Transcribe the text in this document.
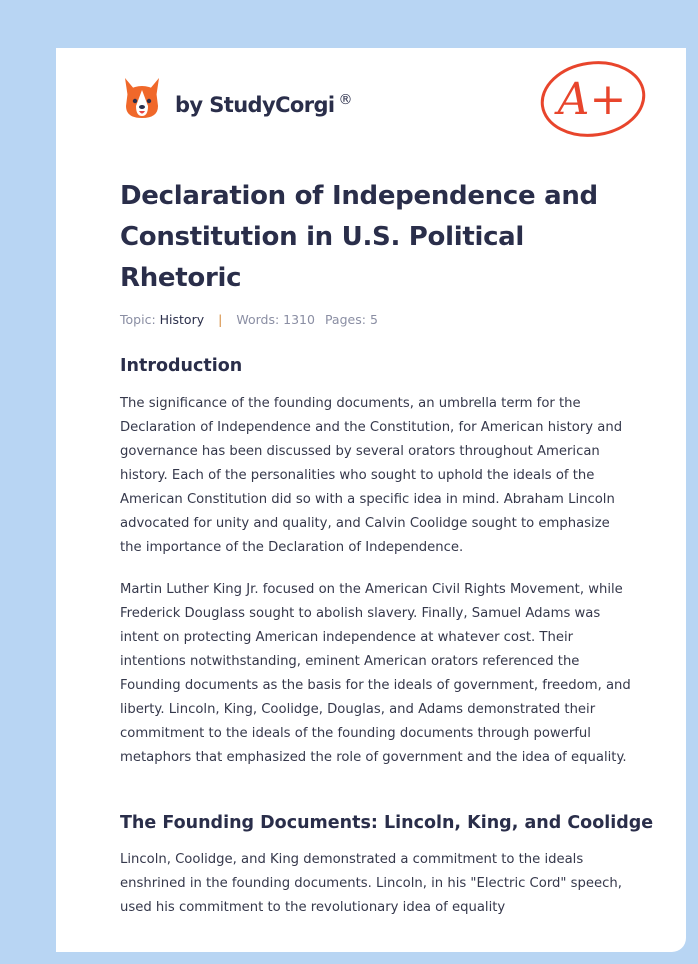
by StudyCorgi ®	A+
Declaration of Independence and Constitution in U.S. Political Rhetoric
Topic: History | Words: 1310 Pages: 5
Introduction

The significance of the founding documents, an umbrella term for the Declaration of Independence and the Constitution, for American history and governance has been discussed by several orators throughout American history. Each of the personalities who sought to uphold the ideals of the American Constitution did so with a specific idea in mind. Abraham Lincoln advocated for unity and quality, and Calvin Coolidge sought to emphasize the importance of the Declaration of Independence.

Martin Luther King Jr. focused on the American Civil Rights Movement, while Frederick Douglass sought to abolish slavery. Finally, Samuel Adams was intent on protecting American independence at whatever cost. Their intentions notwithstanding, eminent American orators referenced the Founding documents as the basis for the ideals of government, freedom, and liberty. Lincoln, King, Coolidge, Douglas, and Adams demonstrated their commitment to the ideals of the founding documents through powerful metaphors that emphasized the role of government and the idea of equality.

The Founding Documents: Lincoln, King, and Coolidge

Lincoln, Coolidge, and King demonstrated a commitment to the ideals enshrined in the founding documents. Lincoln, in his "Electric Cord" speech, used his commitment to the revolutionary idea of equality
